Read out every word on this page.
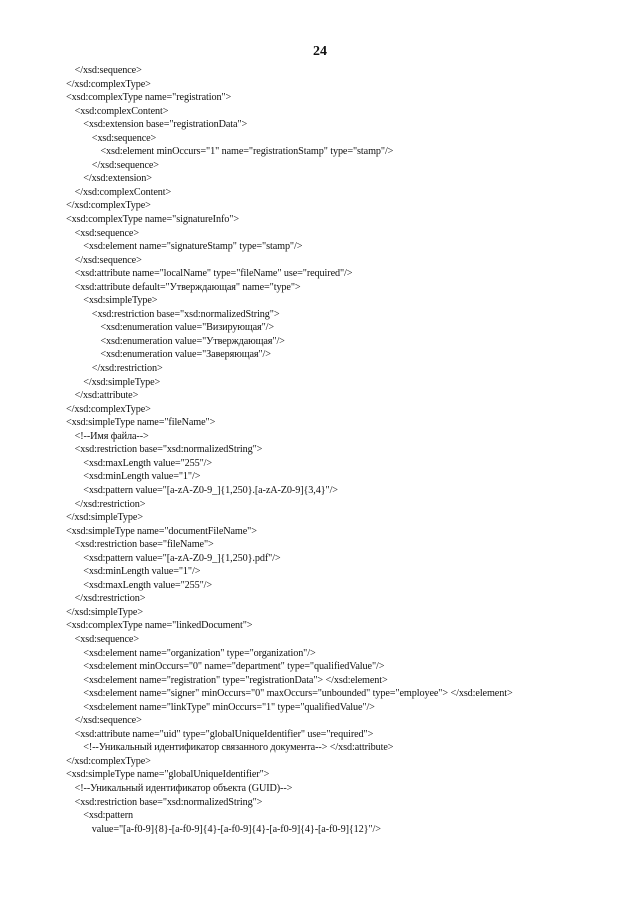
24
</xsd:sequence>
</xsd:complexType>
<xsd:complexType name="registration">
<xsd:complexContent>
<xsd:extension base="registrationData">
<xsd:sequence>
<xsd:element minOccurs="1" name="registrationStamp" type="stamp"/>
</xsd:sequence>
</xsd:extension>
</xsd:complexContent>
</xsd:complexType>
<xsd:complexType name="signatureInfo">
<xsd:sequence>
<xsd:element name="signatureStamp" type="stamp"/>
</xsd:sequence>
<xsd:attribute name="localName" type="fileName" use="required"/>
<xsd:attribute default="Утверждающая" name="type">
<xsd:simpleType>
<xsd:restriction base="xsd:normalizedString">
<xsd:enumeration value="Визирующая"/>
<xsd:enumeration value="Утверждающая"/>
<xsd:enumeration value="Заверяющая"/>
</xsd:restriction>
</xsd:simpleType>
</xsd:attribute>
</xsd:complexType>
<xsd:simpleType name="fileName">
<!--Имя файла-->
<xsd:restriction base="xsd:normalizedString">
<xsd:maxLength value="255"/>
<xsd:minLength value="1"/>
<xsd:pattern value="[a-zA-Z0-9_]{1,250}.[a-zA-Z0-9]{3,4}"/>
</xsd:restriction>
</xsd:simpleType>
<xsd:simpleType name="documentFileName">
<xsd:restriction base="fileName">
<xsd:pattern value="[a-zA-Z0-9_]{1,250}.pdf"/>
<xsd:minLength value="1"/>
<xsd:maxLength value="255"/>
</xsd:restriction>
</xsd:simpleType>
<xsd:complexType name="linkedDocument">
<xsd:sequence>
<xsd:element name="organization" type="organization"/>
<xsd:element minOccurs="0" name="department" type="qualifiedValue"/>
<xsd:element name="registration" type="registrationData"> </xsd:element>
<xsd:element name="signer" minOccurs="0" maxOccurs="unbounded" type="employee"> </xsd:element>
<xsd:element name="linkType" minOccurs="1" type="qualifiedValue"/>
</xsd:sequence>
<xsd:attribute name="uid" type="globalUniqueIdentifier" use="required">
<!--Уникальный идентификатор связанного документа--> </xsd:attribute>
</xsd:complexType>
<xsd:simpleType name="globalUniqueIdentifier">
<!--Уникальный идентификатор объекта (GUID)-->
<xsd:restriction base="xsd:normalizedString">
<xsd:pattern
value="[a-f0-9]{8}-[a-f0-9]{4}-[a-f0-9]{4}-[a-f0-9]{4}-[a-f0-9]{12}"/>
